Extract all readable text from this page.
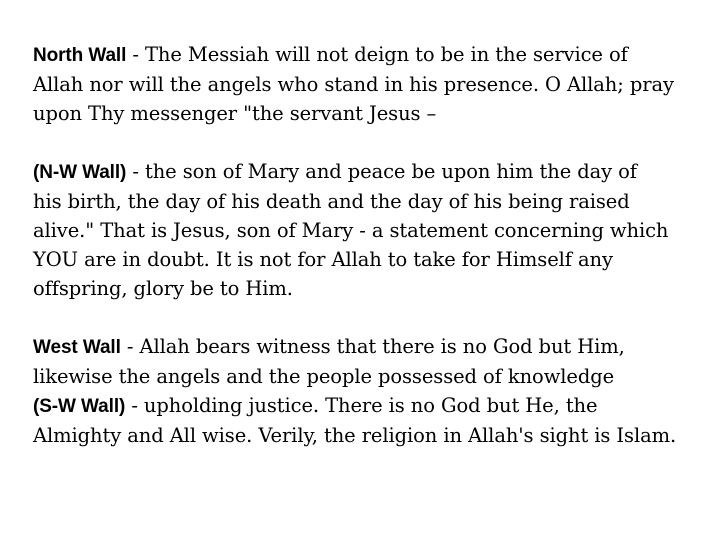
North Wall - The Messiah will not deign to be in the service of
Allah nor will the angels who stand in his presence. O Allah; pray
upon Thy messenger "the servant Jesus –

(N-W Wall) - the son of Mary and peace be upon him the day of
his birth, the day of his death and the day of his being raised
alive." That is Jesus, son of Mary - a statement concerning which
YOU are in doubt. It is not for Allah to take for Himself any
offspring, glory be to Him.

West Wall - Allah bears witness that there is no God but Him,
likewise the angels and the people possessed of knowledge
(S-W Wall) - upholding justice. There is no God but He, the
Almighty and All wise. Verily, the religion in Allah's sight is Islam.
